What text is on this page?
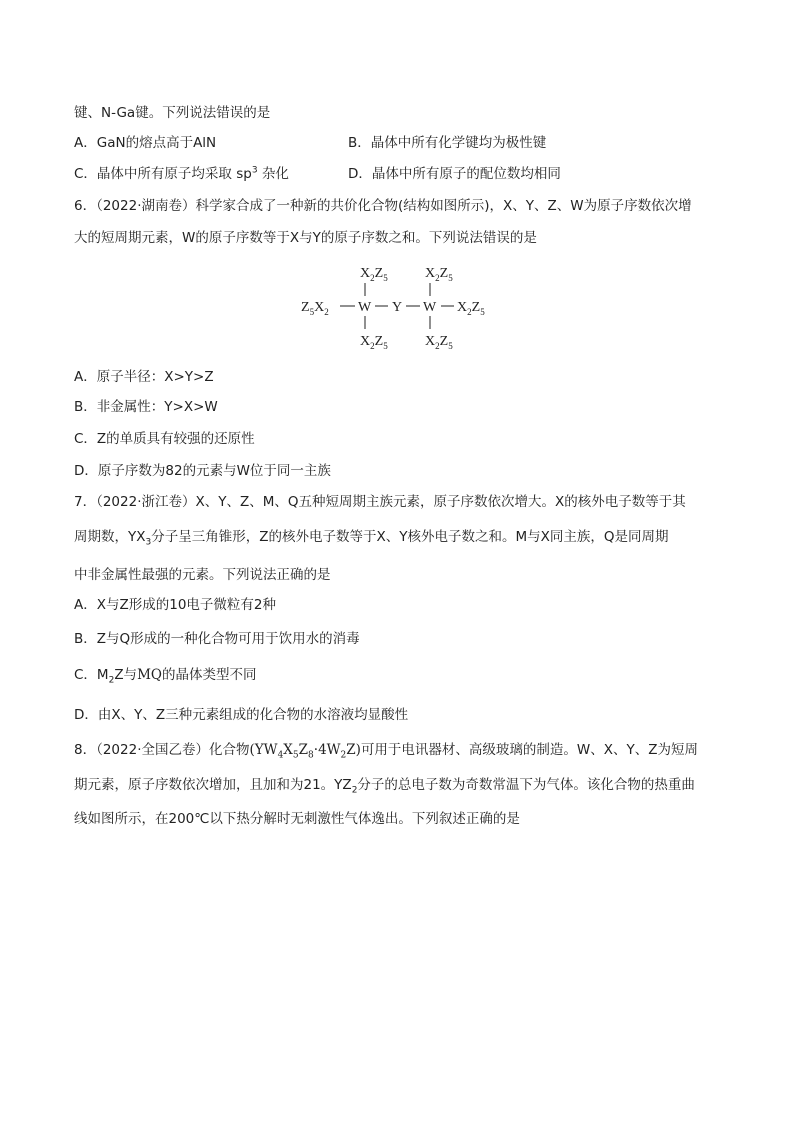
键、N-Ga键。下列说法错误的是
A．GaN的熔点高于AlN	B．晶体中所有化学键均为极性键
C．晶体中所有原子均采取 $sp^3$ 杂化	D．晶体中所有原子的配位数均相同
6．（2022·湖南卷）科学家合成了一种新的共价化合物(结构如图所示)，X、Y、Z、W为原子序数依次增
大的短周期元素，W的原子序数等于X与Y的原子序数之和。下列说法错误的是
$X_2Z_5$	$X_2Z_5$
$Z_5X_2$ W Y W $X_2Z_5$
$X_2Z_5$	$X_2Z_5$
A．原子半径：X>Y>Z
B．非金属性：Y>X>W
C．Z的单质具有较强的还原性
D．原子序数为82的元素与W位于同一主族
7．（2022·浙江卷）X、Y、Z、M、Q五种短周期主族元素，原子序数依次增大。X的核外电子数等于其
周期数，$YX_3$分子呈三角锥形，Z的核外电子数等于X、Y核外电子数之和。M与X同主族，Q是同周期
中非金属性最强的元素。下列说法正确的是
A．X与Z形成的10电子微粒有2种
B．Z与Q形成的一种化合物可用于饮用水的消毒
C．$M_2Z$与MQ的晶体类型不同
D．由X、Y、Z三种元素组成的化合物的水溶液均显酸性
8．（2022·全国乙卷）化合物$(YW_4X_5Z_8\cdot 4W_2Z)$可用于电讯器材、高级玻璃的制造。W、X、Y、Z为短周
期元素，原子序数依次增加，且加和为21。$YZ_2$分子的总电子数为奇数常温下为气体。该化合物的热重曲
线如图所示，在200℃以下热分解时无刺激性气体逸出。下列叙述正确的是
